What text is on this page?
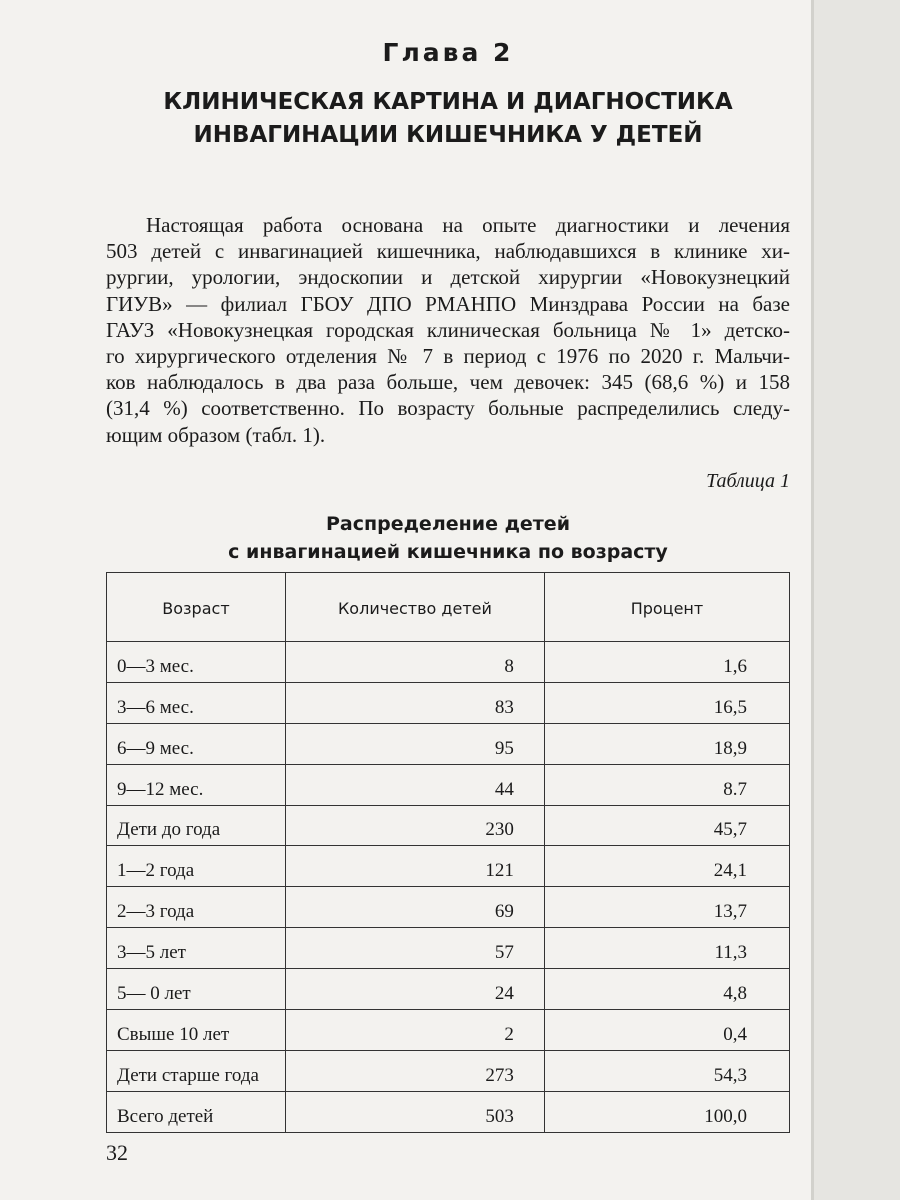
Глава 2
КЛИНИЧЕСКАЯ КАРТИНА И ДИАГНОСТИКА
ИНВАГИНАЦИИ КИШЕЧНИКА У ДЕТЕЙ
Настоящая работа основана на опыте диагностики и лечения
503 детей с инвагинацией кишечника, наблюдавшихся в клинике хи-
рургии, урологии, эндоскопии и детской хирургии «Новокузнецкий
ГИУВ» — филиал ГБОУ ДПО РМАНПО Минздрава России на базе
ГАУЗ «Новокузнецкая городская клиническая больница № 1» детско-
го хирургического отделения № 7 в период с 1976 по 2020 г. Мальчи-
ков наблюдалось в два раза больше, чем девочек: 345 (68,6 %) и 158
(31,4 %) соответственно. По возрасту больные распределились следу-
ющим образом (табл. 1).
Таблица 1
Распределение детей
с инвагинацией кишечника по возрасту
Возраст	Количество детей	Процент
0—3 мес.	8	1,6
3—6 мес.	83	16,5
6—9 мес.	95	18,9
9—12 мес.	44	8.7
Дети до года	230	45,7
1—2 года	121	24,1
2—3 года	69	13,7
3—5 лет	57	11,3
5— 0 лет	24	4,8
Свыше 10 лет	2	0,4
Дети старше года	273	54,3
Всего детей	503	100,0
32
